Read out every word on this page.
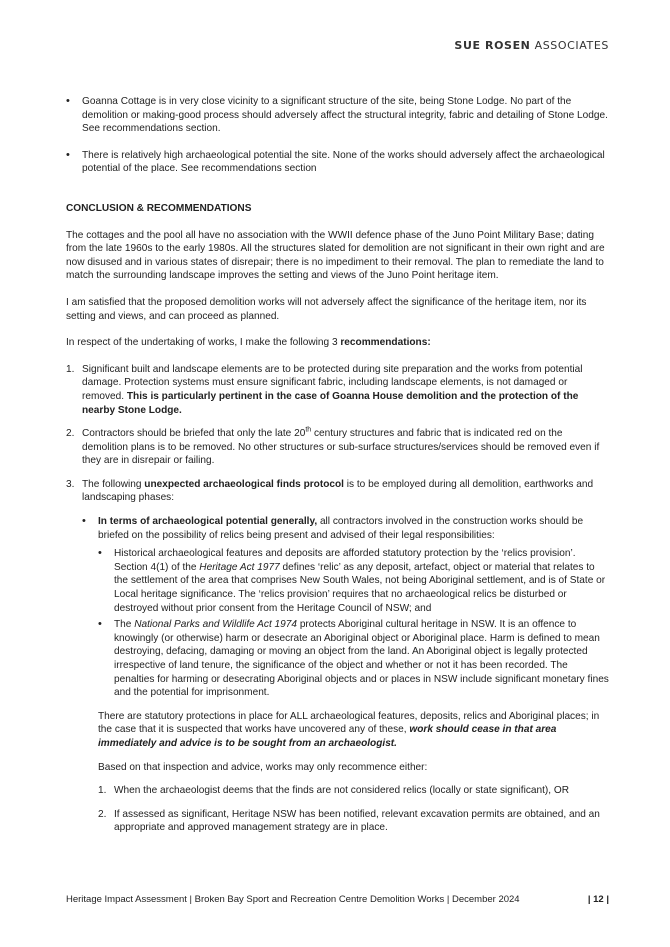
SUE ROSEN ASSOCIATES

• Goanna Cottage is in very close vicinity to a significant structure of the site, being Stone Lodge. No part of the demolition or making-good process should adversely affect the structural integrity, fabric and detailing of Stone Lodge. See recommendations section.

• There is relatively high archaeological potential the site. None of the works should adversely affect the archaeological potential of the place. See recommendations section

CONCLUSION & RECOMMENDATIONS

The cottages and the pool all have no association with the WWII defence phase of the Juno Point Military Base; dating from the late 1960s to the early 1980s. All the structures slated for demolition are not significant in their own right and are now disused and in various states of disrepair; there is no impediment to their removal. The plan to remediate the land to match the surrounding landscape improves the setting and views of the Juno Point heritage item.

I am satisfied that the proposed demolition works will not adversely affect the significance of the heritage item, nor its setting and views, and can proceed as planned.

In respect of the undertaking of works, I make the following 3 recommendations:

1. Significant built and landscape elements are to be protected during site preparation and the works from potential damage. Protection systems must ensure significant fabric, including landscape elements, is not damaged or removed. This is particularly pertinent in the case of Goanna House demolition and the protection of the nearby Stone Lodge.
2. Contractors should be briefed that only the late 20th century structures and fabric that is indicated red on the demolition plans is to be removed. No other structures or sub-surface structures/services should be removed even if they are in disrepair or failing.
3. The following unexpected archaeological finds protocol is to be employed during all demolition, earthworks and landscaping phases:
• In terms of archaeological potential generally, all contractors involved in the construction works should be briefed on the possibility of relics being present and advised of their legal responsibilities:
• Historical archaeological features and deposits are afforded statutory protection by the ‘relics provision’. Section 4(1) of the Heritage Act 1977 defines ‘relic’ as any deposit, artefact, object or material that relates to the settlement of the area that comprises New South Wales, not being Aboriginal settlement, and is of State or Local heritage significance. The ‘relics provision’ requires that no archaeological relics be disturbed or destroyed without prior consent from the Heritage Council of NSW; and
• The National Parks and Wildlife Act 1974 protects Aboriginal cultural heritage in NSW. It is an offence to knowingly (or otherwise) harm or desecrate an Aboriginal object or Aboriginal place. Harm is defined to mean destroying, defacing, damaging or moving an object from the land. An Aboriginal object is legally protected irrespective of land tenure, the significance of the object and whether or not it has been recorded. The penalties for harming or desecrating Aboriginal objects and or places in NSW include significant monetary fines and the potential for imprisonment.

There are statutory protections in place for ALL archaeological features, deposits, relics and Aboriginal places; in the case that it is suspected that works have uncovered any of these, work should cease in that area immediately and advice is to be sought from an archaeologist.

Based on that inspection and advice, works may only recommence either:

1. When the archaeologist deems that the finds are not considered relics (locally or state significant), OR
2. If assessed as significant, Heritage NSW has been notified, relevant excavation permits are obtained, and an appropriate and approved management strategy are in place.
Heritage Impact Assessment | Broken Bay Sport and Recreation Centre Demolition Works | December 2024	| 12 |
